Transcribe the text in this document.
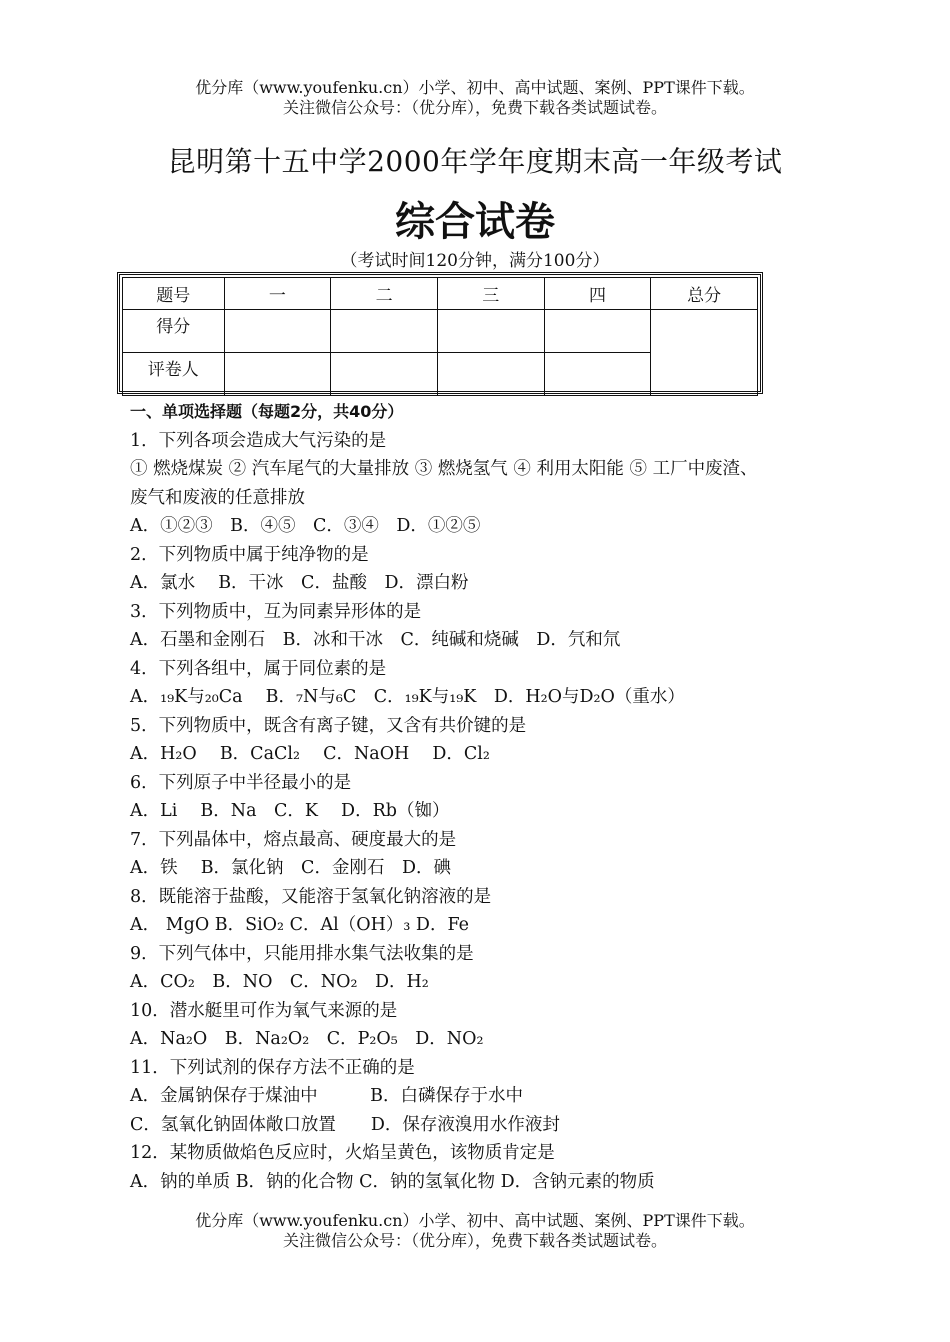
优分库（www.youfenku.cn）小学、初中、高中试题、案例、PPT课件下载。
关注微信公众号：（优分库），免费下载各类试题试卷。
昆明第十五中学2000年学年度期末高一年级考试
综合试卷
（考试时间120分钟，满分100分）
题号	一	二	三	四	总分
得分					
评卷人					
一、单项选择题（每题2分，共40分）
1．下列各项会造成大气污染的是
① 燃烧煤炭 ② 汽车尾气的大量排放 ③ 燃烧氢气 ④ 利用太阳能 ⑤ 工厂中废渣、
废气和废液的任意排放
A．①②③　B．④⑤　C．③④　D．①②⑤
2．下列物质中属于纯净物的是
A．氯水　 B．干冰　C．盐酸　D．漂白粉
3．下列物质中，互为同素异形体的是
A．石墨和金刚石　B．冰和干冰　C．纯碱和烧碱　D．氕和氘
4．下列各组中，属于同位素的是
A．₁₉K与₂₀Ca　 B．₇N与₆C　C．₁₉K与₁₉K　D．H₂O与D₂O（重水）
5．下列物质中，既含有离子键，又含有共价键的是
A．H₂O　 B．CaCl₂　 C．NaOH　 D．Cl₂
6．下列原子中半径最小的是
A．Li　 B．Na　C．K　 D．Rb（铷）
7．下列晶体中，熔点最高、硬度最大的是
A．铁　 B．氯化钠　C．金刚石　D．碘
8．既能溶于盐酸，又能溶于氢氧化钠溶液的是
A． MgO B．SiO₂ C．Al（OH）₃ D．Fe
9．下列气体中，只能用排水集气法收集的是
A．CO₂　B．NO　C．NO₂　D．H₂
10．潜水艇里可作为氧气来源的是
A．Na₂O　B．Na₂O₂　C．P₂O₅　D．NO₂
11．下列试剂的保存方法不正确的是
A．金属钠保存于煤油中　　　B．白磷保存于水中
C．氢氧化钠固体敞口放置　　D．保存液溴用水作液封
12．某物质做焰色反应时，火焰呈黄色，该物质肯定是
A．钠的单质 B．钠的化合物 C．钠的氢氧化物 D．含钠元素的物质
优分库（www.youfenku.cn）小学、初中、高中试题、案例、PPT课件下载。
关注微信公众号：（优分库），免费下载各类试题试卷。
